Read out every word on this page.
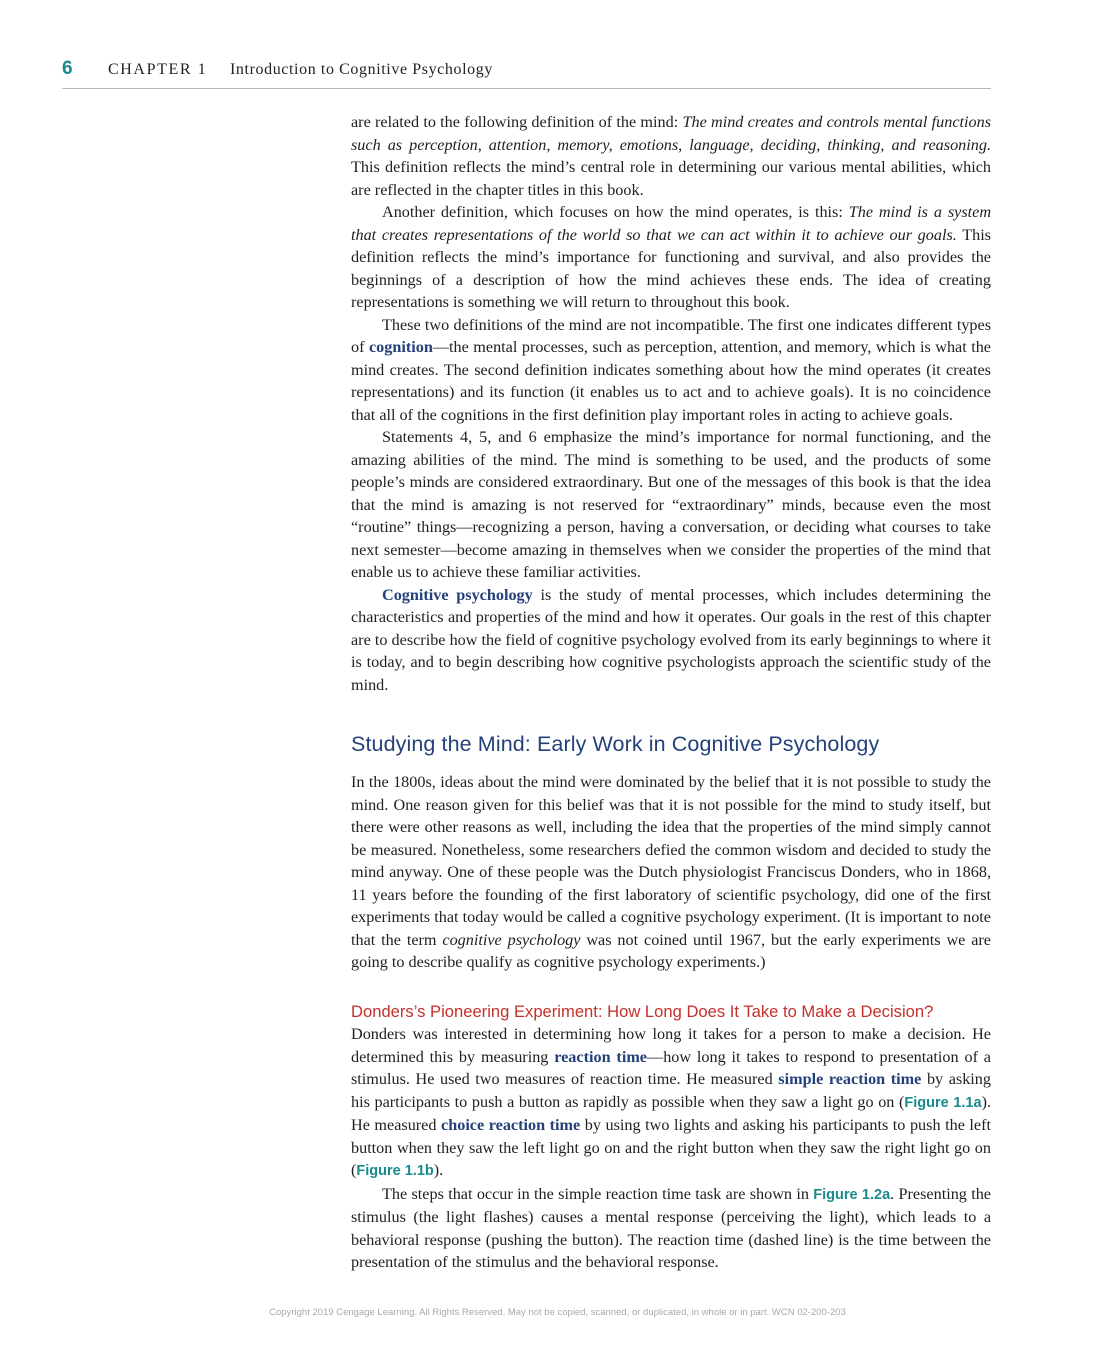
6 CHAPTER 1 Introduction to Cognitive Psychology

are related to the following definition of the mind: The mind creates and controls mental functions such as perception, attention, memory, emotions, language, deciding, thinking, and reasoning. This definition reflects the mind’s central role in determining our various mental abilities, which are reflected in the chapter titles in this book.

Another definition, which focuses on how the mind operates, is this: The mind is a system that creates representations of the world so that we can act within it to achieve our goals. This definition reflects the mind’s importance for functioning and survival, and also provides the beginnings of a description of how the mind achieves these ends. The idea of creating representations is something we will return to throughout this book.

These two definitions of the mind are not incompatible. The first one indicates different types of cognition—the mental processes, such as perception, attention, and memory, which is what the mind creates. The second definition indicates something about how the mind operates (it creates representations) and its function (it enables us to act and to achieve goals). It is no coincidence that all of the cognitions in the first definition play important roles in acting to achieve goals.

Statements 4, 5, and 6 emphasize the mind’s importance for normal functioning, and the amazing abilities of the mind. The mind is something to be used, and the products of some people’s minds are considered extraordinary. But one of the messages of this book is that the idea that the mind is amazing is not reserved for “extraordinary” minds, because even the most “routine” things—recognizing a person, having a conversation, or deciding what courses to take next semester—become amazing in themselves when we consider the properties of the mind that enable us to achieve these familiar activities.

Cognitive psychology is the study of mental processes, which includes determining the characteristics and properties of the mind and how it operates. Our goals in the rest of this chapter are to describe how the field of cognitive psychology evolved from its early beginnings to where it is today, and to begin describing how cognitive psychologists approach the scientific study of the mind.

Studying the Mind: Early Work in Cognitive Psychology

In the 1800s, ideas about the mind were dominated by the belief that it is not possible to study the mind. One reason given for this belief was that it is not possible for the mind to study itself, but there were other reasons as well, including the idea that the properties of the mind simply cannot be measured. Nonetheless, some researchers defied the common wisdom and decided to study the mind anyway. One of these people was the Dutch physiologist Franciscus Donders, who in 1868, 11 years before the founding of the first laboratory of scientific psychology, did one of the first experiments that today would be called a cognitive psychology experiment. (It is important to note that the term cognitive psychology was not coined until 1967, but the early experiments we are going to describe qualify as cognitive psychology experiments.)

Donders’s Pioneering Experiment: How Long Does It Take to Make a Decision?

Donders was interested in determining how long it takes for a person to make a decision. He determined this by measuring reaction time—how long it takes to respond to presentation of a stimulus. He used two measures of reaction time. He measured simple reaction time by asking his participants to push a button as rapidly as possible when they saw a light go on (Figure 1.1a). He measured choice reaction time by using two lights and asking his participants to push the left button when they saw the left light go on and the right button when they saw the right light go on (Figure 1.1b).

The steps that occur in the simple reaction time task are shown in Figure 1.2a. Presenting the stimulus (the light flashes) causes a mental response (perceiving the light), which leads to a behavioral response (pushing the button). The reaction time (dashed line) is the time between the presentation of the stimulus and the behavioral response.

Copyright 2019 Cengage Learning. All Rights Reserved. May not be copied, scanned, or duplicated, in whole or in part. WCN 02-200-203
